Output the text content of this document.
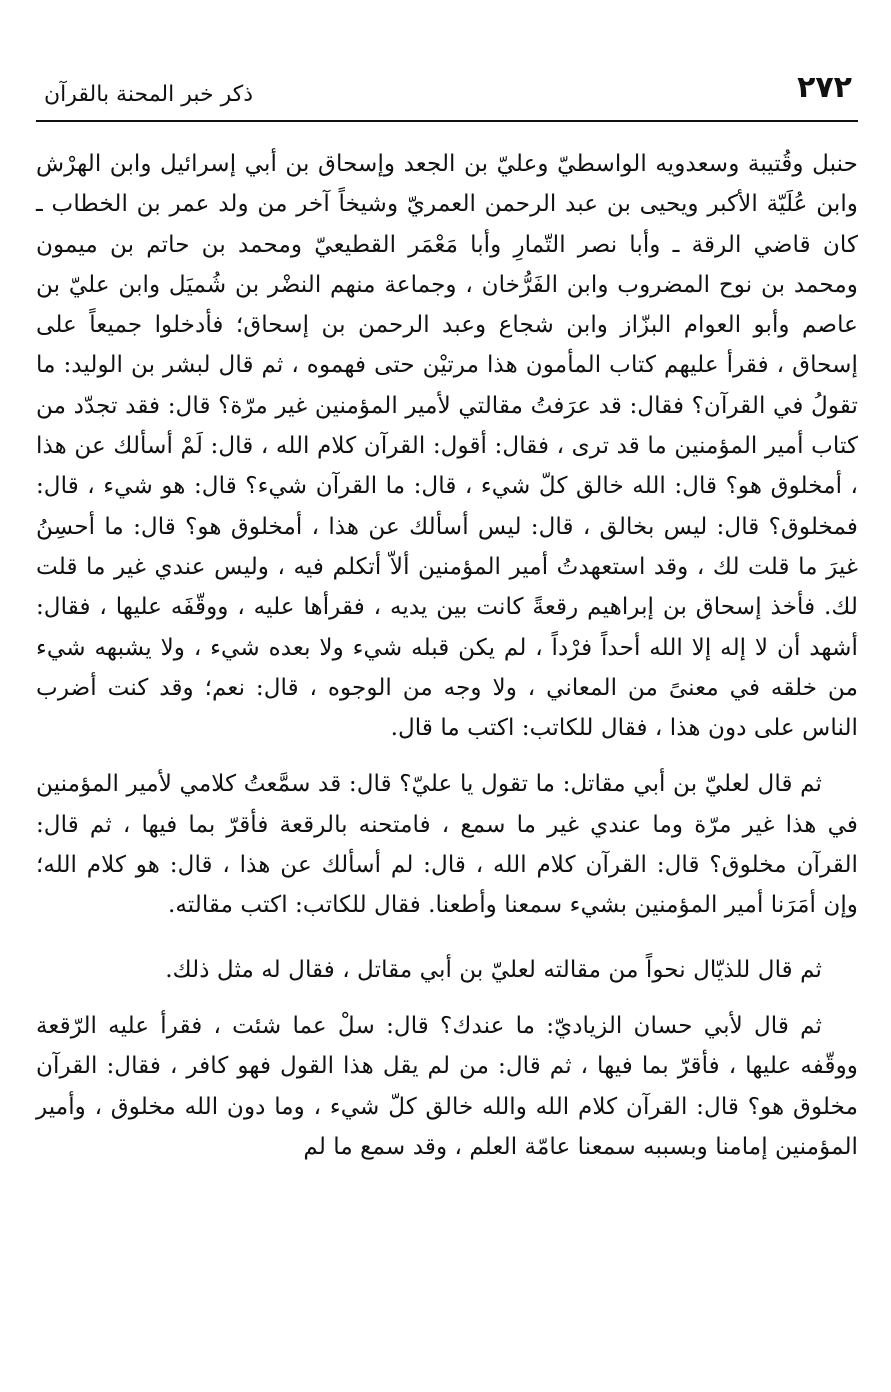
٢٧٢
ذكر خبر المحنة بالقرآن

حنبل وقُتيبة وسعدويه الواسطيّ وعليّ بن الجعد وإسحاق بن أبي إسرائيل وابن الهرْش وابن عُلَيّة الأكبر ويحيى بن عبد الرحمن العمريّ وشيخاً آخر من ولد عمر بن الخطاب ـ كان قاضي الرقة ـ وأبا نصر التّمارِ وأبا مَعْمَر القطيعيّ ومحمد بن حاتم بن ميمون ومحمد بن نوح المضروب وابن الفَرُّخان ، وجماعة منهم النضْر بن شُميَل وابن عليّ بن عاصم وأبو العوام البزّاز وابن شجاع وعبد الرحمن بن إسحاق؛ فأدخلوا جميعاً على إسحاق ، فقرأ عليهم كتاب المأمون هذا مرتيْن حتى فهموه ، ثم قال لبشر بن الوليد: ما تقولُ في القرآن؟ فقال: قد عرَفتُ مقالتي لأمير المؤمنين غير مرّة؟ قال: فقد تجدّد من كتاب أمير المؤمنين ما قد ترى ، فقال: أقول: القرآن كلام الله ، قال: لَمْ أسألك عن هذا ، أمخلوق هو؟ قال: الله خالق كلّ شيء ، قال: ما القرآن شيء؟ قال: هو شيء ، قال: فمخلوق؟ قال: ليس بخالق ، قال: ليس أسألك عن هذا ، أمخلوق هو؟ قال: ما أحسِنُ غيرَ ما قلت لك ، وقد استعهدتُ أمير المؤمنين ألاّ أتكلم فيه ، وليس عندي غير ما قلت لك. فأخذ إسحاق بن إبراهيم رقعةً كانت بين يديه ، فقرأها عليه ، ووقّفَه عليها ، فقال: أشهد أن لا إله إلا الله أحداً فرْداً ، لم يكن قبله شيء ولا بعده شيء ، ولا يشبهه شيء من خلقه في معنىً من المعاني ، ولا وجه من الوجوه ، قال: نعم؛ وقد كنت أضرب الناس على دون هذا ، فقال للكاتب: اكتب ما قال.

ثم قال لعليّ بن أبي مقاتل: ما تقول يا عليّ؟ قال: قد سمَّعتُ كلامي لأمير المؤمنين في هذا غير مرّة وما عندي غير ما سمع ، فامتحنه بالرقعة فأقرّ بما فيها ، ثم قال: القرآن مخلوق؟ قال: القرآن كلام الله ، قال: لم أسألك عن هذا ، قال: هو كلام الله؛ وإن أمَرَنا أمير المؤمنين بشيء سمعنا وأطعنا. فقال للكاتب: اكتب مقالته.

ثم قال للذيّال نحواً من مقالته لعليّ بن أبي مقاتل ، فقال له مثل ذلك.

ثم قال لأبي حسان الزياديّ: ما عندك؟ قال: سلْ عما شئت ، فقرأ عليه الرّقعة ووقّفه عليها ، فأقرّ بما فيها ، ثم قال: من لم يقل هذا القول فهو كافر ، فقال: القرآن مخلوق هو؟ قال: القرآن كلام الله والله خالق كلّ شيء ، وما دون الله مخلوق ، وأمير المؤمنين إمامنا وبسببه سمعنا عامّة العلم ، وقد سمع ما لم
